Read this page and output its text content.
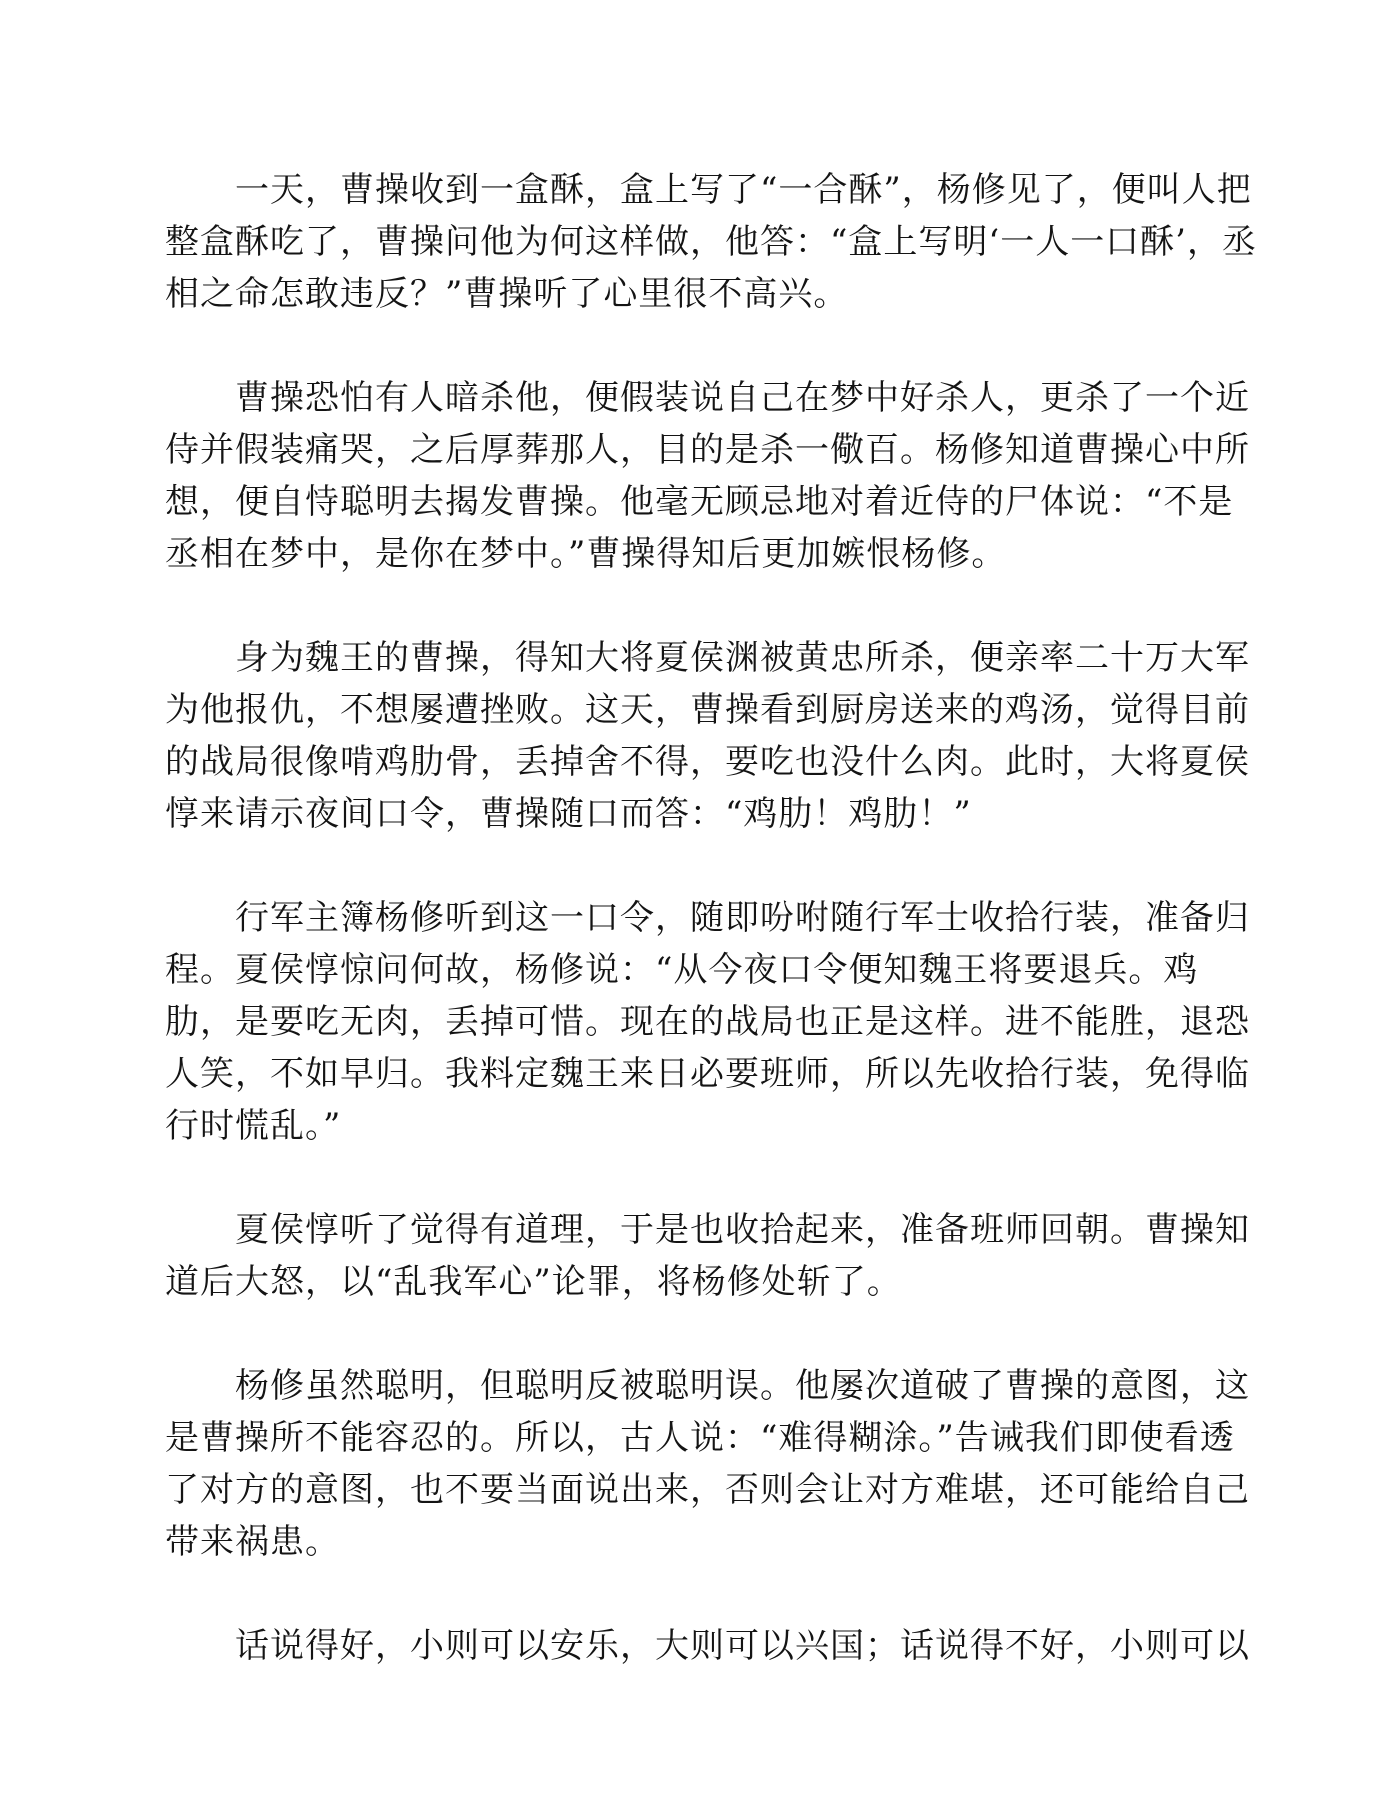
　　一天，曹操收到一盒酥，盒上写了“一合酥”，杨修见了，便叫人把
整盒酥吃了，曹操问他为何这样做，他答：“盒上写明‘一人一口酥’，丞
相之命怎敢违反？”曹操听了心里很不高兴。

　　曹操恐怕有人暗杀他，便假装说自己在梦中好杀人，更杀了一个近
侍并假装痛哭，之后厚葬那人，目的是杀一儆百。杨修知道曹操心中所
想，便自恃聪明去揭发曹操。他毫无顾忌地对着近侍的尸体说：“不是
丞相在梦中，是你在梦中。”曹操得知后更加嫉恨杨修。

　　身为魏王的曹操，得知大将夏侯渊被黄忠所杀，便亲率二十万大军
为他报仇，不想屡遭挫败。这天，曹操看到厨房送来的鸡汤，觉得目前
的战局很像啃鸡肋骨，丢掉舍不得，要吃也没什么肉。此时，大将夏侯
惇来请示夜间口令，曹操随口而答：“鸡肋！鸡肋！”

　　行军主簿杨修听到这一口令，随即吩咐随行军士收拾行装，准备归
程。夏侯惇惊问何故，杨修说：“从今夜口令便知魏王将要退兵。鸡
肋，是要吃无肉，丢掉可惜。现在的战局也正是这样。进不能胜，退恐
人笑，不如早归。我料定魏王来日必要班师，所以先收拾行装，免得临
行时慌乱。”

　　夏侯惇听了觉得有道理，于是也收拾起来，准备班师回朝。曹操知
道后大怒，以“乱我军心”论罪，将杨修处斩了。

　　杨修虽然聪明，但聪明反被聪明误。他屡次道破了曹操的意图，这
是曹操所不能容忍的。所以，古人说：“难得糊涂。”告诫我们即使看透
了对方的意图，也不要当面说出来，否则会让对方难堪，还可能给自己
带来祸患。

　　话说得好，小则可以安乐，大则可以兴国；话说得不好，小则可以
